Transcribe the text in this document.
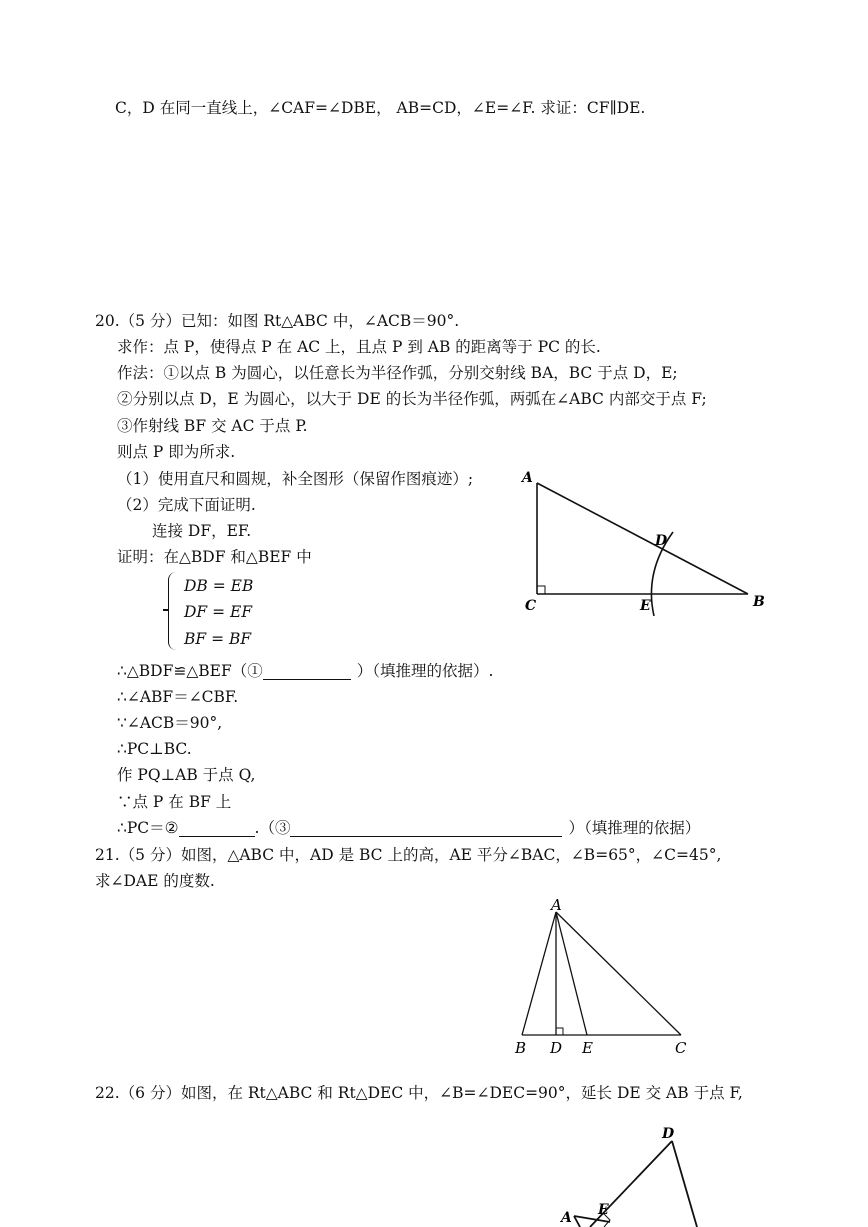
C，D 在同一直线上，∠CAF=∠DBE， AB=CD，∠E=∠F. 求证：CF∥DE.
20.（5 分）已知：如图 Rt△ABC 中，∠ACB＝90°.
求作：点 P，使得点 P 在 AC 上，且点 P 到 AB 的距离等于 PC 的长.
作法：①以点 B 为圆心，以任意长为半径作弧，分别交射线 BA，BC 于点 D，E;
②分别以点 D，E 为圆心，以大于 DE 的长为半径作弧，两弧在∠ABC 内部交于点 F;
③作射线 BF 交 AC 于点 P.
则点 P 即为所求.
（1）使用直尺和圆规，补全图形（保留作图痕迹）;
（2）完成下面证明.
连接 DF，EF.
证明：在△BDF 和△BEF 中
DB = EB
DF = EF
BF = BF
∴△BDF≌△BEF（①	）（填推理的依据）.
∴∠ABF＝∠CBF.
∵∠ACB＝90°,
∴PC⊥BC.
作 PQ⊥AB 于点 Q,
∵点 P 在 BF 上
∴PC＝②	.（③	）（填推理的依据）
A
C	B
D
E
21.（5 分）如图，△ABC 中，AD 是 BC 上的高，AE 平分∠BAC，∠B=65°，∠C=45°,
求∠DAE 的度数.
A
B D E	C
22.（6 分）如图，在 Rt△ABC 和 Rt△DEC 中，∠B=∠DEC=90°，延长 DE 交 AB 于点 F,
D
A E
